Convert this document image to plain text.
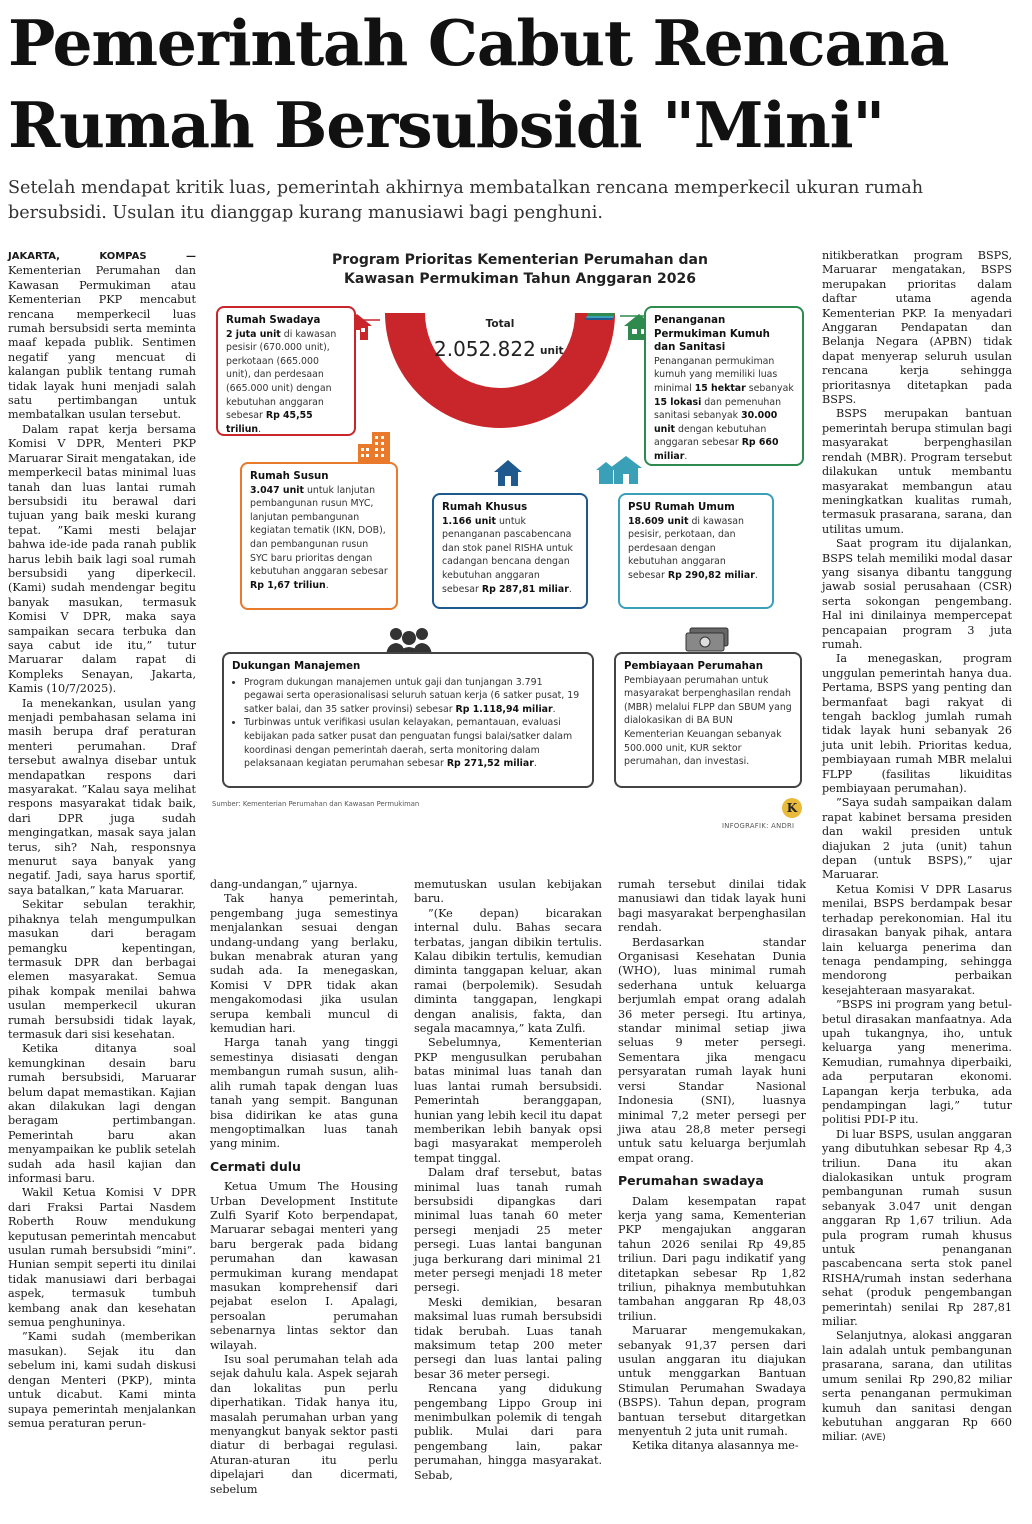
Pemerintah Cabut Rencana Rumah Bersubsidi "Mini"

Setelah mendapat kritik luas, pemerintah akhirnya membatalkan rencana memperkecil ukuran rumah bersubsidi. Usulan itu dianggap kurang manusiawi bagi penghuni.

JAKARTA, KOMPAS — Kementerian Perumahan dan Kawasan Permukiman atau Kementerian PKP mencabut rencana memperkecil luas rumah bersubsidi serta meminta maaf kepada publik. Sentimen negatif yang mencuat di kalangan publik tentang rumah tidak layak huni menjadi salah satu pertimbangan untuk membatalkan usulan tersebut.

Dalam rapat kerja bersama Komisi V DPR, Menteri PKP Maruarar Sirait mengatakan, ide memperkecil batas minimal luas tanah dan luas lantai rumah bersubsidi itu berawal dari tujuan yang baik meski kurang tepat. ”Kami mesti belajar bahwa ide-ide pada ranah publik harus lebih baik lagi soal rumah bersubsidi yang diperkecil. (Kami) sudah mendengar begitu banyak masukan, termasuk Komisi V DPR, maka saya sampaikan secara terbuka dan saya cabut ide itu,” tutur Maruarar dalam rapat di Kompleks Senayan, Jakarta, Kamis (10/7/2025).

Ia menekankan, usulan yang menjadi pembahasan selama ini masih berupa draf peraturan menteri perumahan. Draf tersebut awalnya disebar untuk mendapatkan respons dari masyarakat. ”Kalau saya melihat respons masyarakat tidak baik, dari DPR juga sudah mengingatkan, masak saya jalan terus, sih? Nah, responsnya menurut saya banyak yang negatif. Jadi, saya harus sportif, saya batalkan,” kata Maruarar.

Sekitar sebulan terakhir, pihaknya telah mengumpulkan masukan dari beragam pemangku kepentingan, termasuk DPR dan berbagai elemen masyarakat. Semua pihak kompak menilai bahwa usulan memperkecil ukuran rumah bersubsidi tidak layak, termasuk dari sisi kesehatan.

Ketika ditanya soal kemungkinan desain baru rumah bersubsidi, Maruarar belum dapat memastikan. Kajian akan dilakukan lagi dengan beragam pertimbangan. Pemerintah baru akan menyampaikan ke publik setelah sudah ada hasil kajian dan informasi baru.

Wakil Ketua Komisi V DPR dari Fraksi Partai Nasdem Roberth Rouw mendukung keputusan pemerintah mencabut usulan rumah bersubsidi ”mini”. Hunian sempit seperti itu dinilai tidak manusiawi dari berbagai aspek, termasuk tumbuh kembang anak dan kesehatan semua penghuninya.

”Kami sudah (memberikan masukan). Sejak itu dan sebelum ini, kami sudah diskusi dengan Menteri (PKP), minta untuk dicabut. Kami minta supaya pemerintah menjalankan semua peraturan perun-

dang-undangan,” ujarnya.

Tak hanya pemerintah, pengembang juga semestinya menjalankan sesuai dengan undang-undang yang berlaku, bukan menabrak aturan yang sudah ada. Ia menegaskan, Komisi V DPR tidak akan mengakomodasi jika usulan serupa kembali muncul di kemudian hari.

Harga tanah yang tinggi semestinya disiasati dengan membangun rumah susun, alih-alih rumah tapak dengan luas tanah yang sempit. Bangunan bisa didirikan ke atas guna mengoptimalkan luas tanah yang minim.

Cermati dulu

Ketua Umum The Housing Urban Development Institute Zulfi Syarif Koto berpendapat, Maruarar sebagai menteri yang baru bergerak pada bidang perumahan dan kawasan permukiman kurang mendapat masukan komprehensif dari pejabat eselon I. Apalagi, persoalan perumahan sebenarnya lintas sektor dan wilayah.

Isu soal perumahan telah ada sejak dahulu kala. Aspek sejarah dan lokalitas pun perlu diperhatikan. Tidak hanya itu, masalah perumahan urban yang menyangkut banyak sektor pasti diatur di berbagai regulasi. Aturan-aturan itu perlu dipelajari dan dicermati, sebelum

memutuskan usulan kebijakan baru.

”(Ke depan) bicarakan internal dulu. Bahas secara terbatas, jangan dibikin tertulis. Kalau dibikin tertulis, kemudian diminta tanggapan keluar, akan ramai (berpolemik). Sesudah diminta tanggapan, lengkapi dengan analisis, fakta, dan segala macamnya,” kata Zulfi.

Sebelumnya, Kementerian PKP mengusulkan perubahan batas minimal luas tanah dan luas lantai rumah bersubsidi. Pemerintah beranggapan, hunian yang lebih kecil itu dapat memberikan lebih banyak opsi bagi masyarakat memperoleh tempat tinggal.

Dalam draf tersebut, batas minimal luas tanah rumah bersubsidi dipangkas dari minimal luas tanah 60 meter persegi menjadi 25 meter persegi. Luas lantai bangunan juga berkurang dari minimal 21 meter persegi menjadi 18 meter persegi.

Meski demikian, besaran maksimal luas rumah bersubsidi tidak berubah. Luas tanah maksimum tetap 200 meter persegi dan luas lantai paling besar 36 meter persegi.

Rencana yang didukung pengembang Lippo Group ini menimbulkan polemik di tengah publik. Mulai dari para pengembang lain, pakar perumahan, hingga masyarakat. Sebab,

rumah tersebut dinilai tidak manusiawi dan tidak layak huni bagi masyarakat berpenghasilan rendah.

Berdasarkan standar Organisasi Kesehatan Dunia (WHO), luas minimal rumah sederhana untuk keluarga berjumlah empat orang adalah 36 meter persegi. Itu artinya, standar minimal setiap jiwa seluas 9 meter persegi. Sementara jika mengacu persyaratan rumah layak huni versi Standar Nasional Indonesia (SNI), luasnya minimal 7,2 meter persegi per jiwa atau 28,8 meter persegi untuk satu keluarga berjumlah empat orang.

Perumahan swadaya

Dalam kesempatan rapat kerja yang sama, Kementerian PKP mengajukan anggaran tahun 2026 senilai Rp 49,85 triliun. Dari pagu indikatif yang ditetapkan sebesar Rp 1,82 triliun, pihaknya membutuhkan tambahan anggaran Rp 48,03 triliun.

Maruarar mengemukakan, sebanyak 91,37 persen dari usulan anggaran itu diajukan untuk menggarkan Bantuan Stimulan Perumahan Swadaya (BSPS). Tahun depan, program bantuan tersebut ditargetkan menyentuh 2 juta unit rumah.

Ketika ditanya alasannya me-

nitikberatkan program BSPS, Maruarar mengatakan, BSPS merupakan prioritas dalam daftar utama agenda Kementerian PKP. Ia menyadari Anggaran Pendapatan dan Belanja Negara (APBN) tidak dapat menyerap seluruh usulan rencana kerja sehingga prioritasnya ditetapkan pada BSPS.

BSPS merupakan bantuan pemerintah berupa stimulan bagi masyarakat berpenghasilan rendah (MBR). Program tersebut dilakukan untuk membantu masyarakat membangun atau meningkatkan kualitas rumah, termasuk prasarana, sarana, dan utilitas umum.

Saat program itu dijalankan, BSPS telah memiliki modal dasar yang sisanya dibantu tanggung jawab sosial perusahaan (CSR) serta sokongan pengembang. Hal ini dinilainya mempercepat pencapaian program 3 juta rumah.

Ia menegaskan, program unggulan pemerintah hanya dua. Pertama, BSPS yang penting dan bermanfaat bagi rakyat di tengah backlog jumlah rumah tidak layak huni sebanyak 26 juta unit lebih. Prioritas kedua, pembiayaan rumah MBR melalui FLPP (fasilitas likuiditas pembiayaan perumahan).

”Saya sudah sampaikan dalam rapat kabinet bersama presiden dan wakil presiden untuk diajukan 2 juta (unit) tahun depan (untuk BSPS),” ujar Maruarar.

Ketua Komisi V DPR Lasarus menilai, BSPS berdampak besar terhadap perekonomian. Hal itu dirasakan banyak pihak, antara lain keluarga penerima dan tenaga pendamping, sehingga mendorong perbaikan kesejahteraan masyarakat.

”BSPS ini program yang betul-betul dirasakan manfaatnya. Ada upah tukangnya, iho, untuk keluarga yang menerima. Kemudian, rumahnya diperbaiki, ada perputaran ekonomi. Lapangan kerja terbuka, ada pendampingan lagi,” tutur politisi PDI-P itu.

Di luar BSPS, usulan anggaran yang dibutuhkan sebesar Rp 4,3 triliun. Dana itu akan dialokasikan untuk program pembangunan rumah susun sebanyak 3.047 unit dengan anggaran Rp 1,67 triliun. Ada pula program rumah khusus untuk penanganan pascabencana serta stok panel RISHA/rumah instan sederhana sehat (produk pengembangan pemerintah) senilai Rp 287,81 miliar.

Selanjutnya, alokasi anggaran lain adalah untuk pembangunan prasarana, sarana, dan utilitas umum senilai Rp 290,82 miliar serta penanganan permukiman kumuh dan sanitasi dengan kebutuhan anggaran Rp 660 miliar. (AVE)

Program Prioritas Kementerian Perumahan dan
Kawasan Permukiman Tahun Anggaran 2026
Total
2.052.822 unit
Rumah Swadaya
2 juta unit di kawasan pesisir (670.000 unit), perkotaan (665.000 unit), dan perdesaan (665.000 unit) dengan kebutuhan anggaran sebesar Rp 45,55 triliun.
Penanganan Permukiman Kumuh dan Sanitasi
Penanganan permukiman kumuh yang memiliki luas minimal 15 hektar sebanyak 15 lokasi dan pemenuhan sanitasi sebanyak 30.000 unit dengan kebutuhan anggaran sebesar Rp 660 miliar.
Rumah Susun
3.047 unit untuk lanjutan pembangunan rusun MYC, lanjutan pembangunan kegiatan tematik (IKN, DOB), dan pembangunan rusun SYC baru prioritas dengan kebutuhan anggaran sebesar Rp 1,67 triliun.
Rumah Khusus
1.166 unit untuk penanganan pascabencana dan stok panel RISHA untuk cadangan bencana dengan kebutuhan anggaran sebesar Rp 287,81 miliar.
PSU Rumah Umum
18.609 unit di kawasan pesisir, perkotaan, dan perdesaan dengan kebutuhan anggaran sebesar Rp 290,82 miliar.
Dukungan Manajemen
• Program dukungan manajemen untuk gaji dan tunjangan 3.791 pegawai serta operasionalisasi seluruh satuan kerja (6 satker pusat, 19 satker balai, dan 35 satker provinsi) sebesar Rp 1.118,94 miliar.
• Turbinwas untuk verifikasi usulan kelayakan, pemantauan, evaluasi kebijakan pada satker pusat dan penguatan fungsi balai/satker dalam koordinasi dengan pemerintah daerah, serta monitoring dalam pelaksanaan kegiatan perumahan sebesar Rp 271,52 miliar.
Pembiayaan Perumahan
Pembiayaan perumahan untuk masyarakat berpenghasilan rendah (MBR) melalui FLPP dan SBUM yang dialokasikan di BA BUN Kementerian Keuangan sebanyak 500.000 unit, KUR sektor perumahan, dan investasi.
Sumber: Kementerian Perumahan dan Kawasan Permukiman	K
INFOGRAFIK: ANDRI
